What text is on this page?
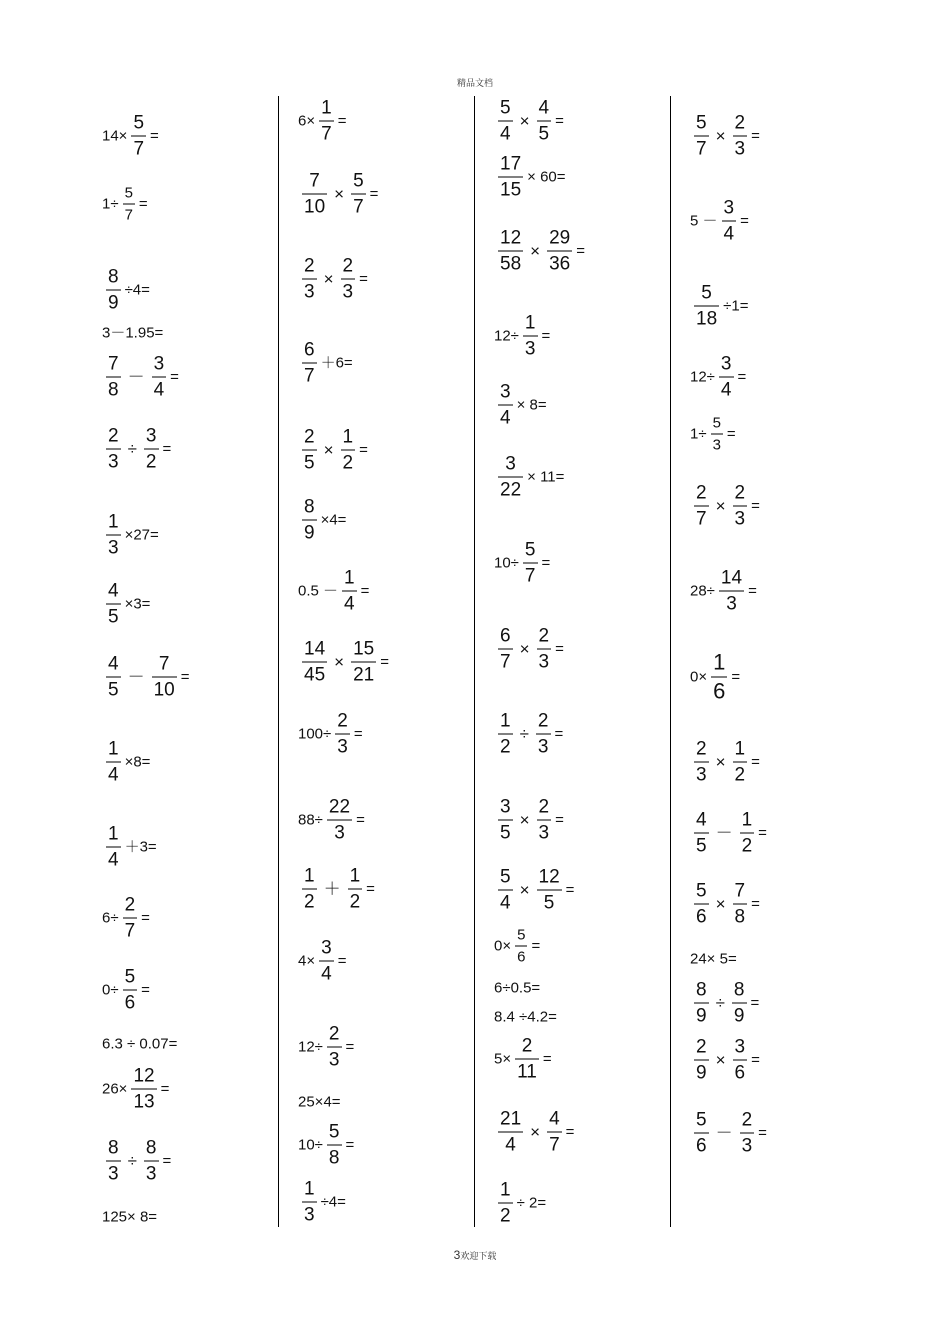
精品文档
$14\times \frac{5}{7}$ =
$1\div \frac{5}{7}$ =
$\frac{8}{9} \div 4=$
3－1.95=
$\frac{7}{8} - \frac{3}{4}$ =
$\frac{2}{3} \div \frac{3}{2}$ =
$\frac{1}{3} \times 27=$
$\frac{4}{5} \times 3=$
$\frac{4}{5} - \frac{7}{10}$ =
$\frac{1}{4} \times 8=$
$\frac{1}{4} +3=$
$6\div \frac{2}{7}$ =
$0\div \frac{5}{6}$ =
6.3 ÷ 0.07=
$26\times \frac{12}{13}$ =
$\frac{8}{3} \div \frac{8}{3}$ =
125× 8=
$6\times \frac{1}{7}$ =
$\frac{7}{10} \times \frac{5}{7}$ =
$\frac{2}{3} \times \frac{2}{3}$ =
$\frac{6}{7} +6=$
$\frac{2}{5} \times \frac{1}{2}$ =
$\frac{8}{9} \times 4=$
$0.5 - \frac{1}{4}$ =
$\frac{14}{45} \times \frac{15}{21}$ =
$100\div \frac{2}{3}$ =
$88\div \frac{22}{3}$ =
$\frac{1}{2} + \frac{1}{2}$ =
$4\times \frac{3}{4}$ =
$12\div \frac{2}{3}$ =
25×4=
$10\div \frac{5}{8}$ =
$\frac{1}{3} \div 4=$
$\frac{5}{4} \times \frac{4}{5}$ =
$\frac{17}{15} \times 60=$
$\frac{12}{58} \times \frac{29}{36}$ =
$12\div \frac{1}{3}$ =
$\frac{3}{4} \times 8=$
$\frac{3}{22} \times 11=$
$10\div \frac{5}{7}$ =
$\frac{6}{7} \times \frac{2}{3}$ =
$\frac{1}{2} \div \frac{2}{3}$ =
$\frac{3}{5} \times \frac{2}{3}$ =
$\frac{5}{4} \times \frac{12}{5}$ =
$0\times \frac{5}{6}$ =
6÷0.5=
8.4 ÷4.2=
$5\times \frac{2}{11}$ =
$\frac{21}{4} \times \frac{4}{7}$ =
$\frac{1}{2} \div 2=$
$\frac{5}{7} \times \frac{2}{3}$ =
$5 - \frac{3}{4}$ =
$\frac{5}{18} \div 1=$
$12\div \frac{3}{4}$ =
$1\div \frac{5}{3}$ =
$\frac{2}{7} \times \frac{2}{3}$ =
$28\div \frac{14}{3}$ =
$0\times \frac{1}{6}$ =
$\frac{2}{3} \times \frac{1}{2}$ =
$\frac{4}{5} - \frac{1}{2}$ =
$\frac{5}{6} \times \frac{7}{8}$ =
24× 5=
$\frac{8}{9} \div \frac{8}{9}$ =
$\frac{2}{9} \times \frac{3}{6}$ =
$\frac{5}{6} - \frac{2}{3}$ =
3欢迎下载
